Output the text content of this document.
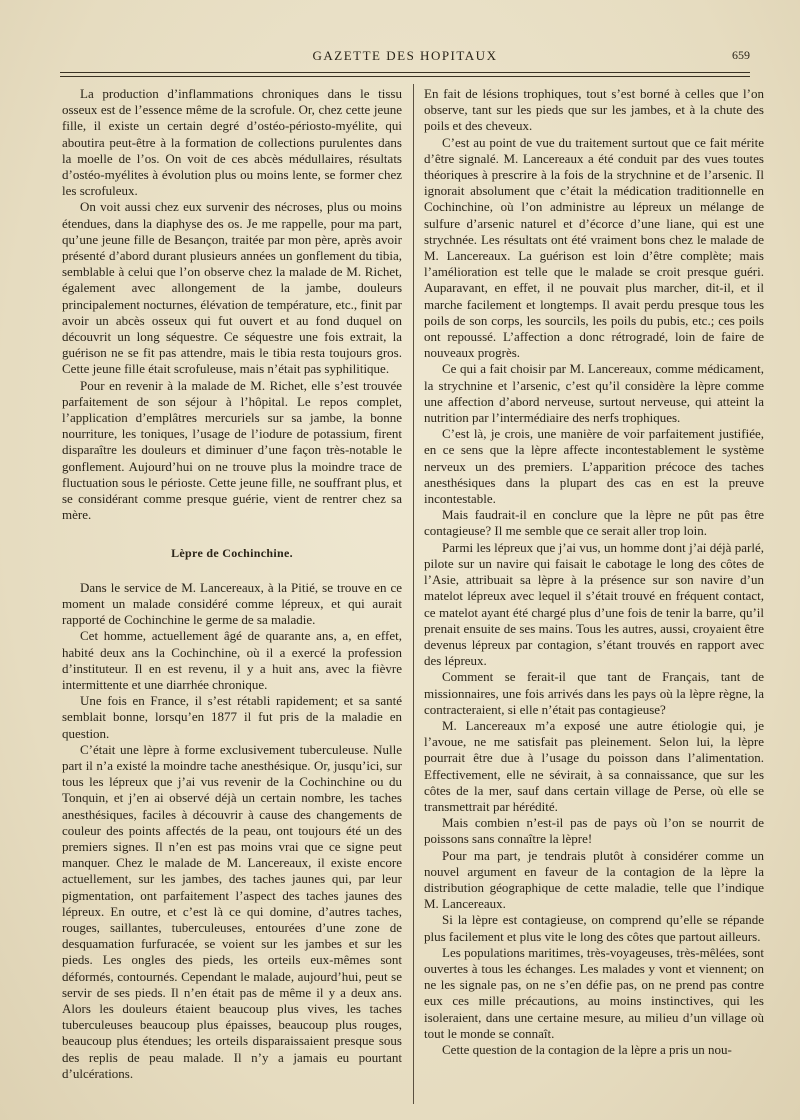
GAZETTE DES HOPITAUX	659

La production d’inflammations chroniques dans le tissu osseux est de l’essence même de la scrofule. Or, chez cette jeune fille, il existe un certain degré d’ostéo-périosto-myélite, qui aboutira peut-être à la formation de collections purulentes dans la moelle de l’os. On voit de ces abcès médullaires, résultats d’ostéo-myélites à évolution plus ou moins lente, se former chez les scrofuleux.

On voit aussi chez eux survenir des nécroses, plus ou moins étendues, dans la diaphyse des os. Je me rappelle, pour ma part, qu’une jeune fille de Besançon, traitée par mon père, après avoir présenté d’abord durant plusieurs années un gonflement du tibia, semblable à celui que l’on observe chez la malade de M. Richet, également avec allongement de la jambe, douleurs principalement nocturnes, élévation de température, etc., finit par avoir un abcès osseux qui fut ouvert et au fond duquel on découvrit un long séquestre. Ce séquestre une fois extrait, la guérison ne se fit pas attendre, mais le tibia resta toujours gros. Cette jeune fille était scrofuleuse, mais n’était pas syphilitique.

Pour en revenir à la malade de M. Richet, elle s’est trouvée parfaitement de son séjour à l’hôpital. Le repos complet, l’application d’emplâtres mercuriels sur sa jambe, la bonne nourriture, les toniques, l’usage de l’iodure de potassium, firent disparaître les douleurs et diminuer d’une façon très-notable le gonflement. Aujourd’hui on ne trouve plus la moindre trace de fluctuation sous le périoste. Cette jeune fille, ne souffrant plus, et se considérant comme presque guérie, vient de rentrer chez sa mère.

Lèpre de Cochinchine.

Dans le service de M. Lancereaux, à la Pitié, se trouve en ce moment un malade considéré comme lépreux, et qui aurait rapporté de Cochinchine le germe de sa maladie.

Cet homme, actuellement âgé de quarante ans, a, en effet, habité deux ans la Cochinchine, où il a exercé la profession d’instituteur. Il en est revenu, il y a huit ans, avec la fièvre intermittente et une diarrhée chronique.

Une fois en France, il s’est rétabli rapidement; et sa santé semblait bonne, lorsqu’en 1877 il fut pris de la maladie en question.

C’était une lèpre à forme exclusivement tuberculeuse. Nulle part il n’a existé la moindre tache anesthésique. Or, jusqu’ici, sur tous les lépreux que j’ai vus revenir de la Cochinchine ou du Tonquin, et j’en ai observé déjà un certain nombre, les taches anesthésiques, faciles à découvrir à cause des changements de couleur des points affectés de la peau, ont toujours été un des premiers signes. Il n’en est pas moins vrai que ce signe peut manquer. Chez le malade de M. Lancereaux, il existe encore actuellement, sur les jambes, des taches jaunes qui, par leur pigmentation, ont parfaitement l’aspect des taches jaunes des lépreux. En outre, et c’est là ce qui domine, d’autres taches, rouges, saillantes, tuberculeuses, entourées d’une zone de desquamation furfuracée, se voient sur les jambes et sur les pieds. Les ongles des pieds, les orteils eux-mêmes sont déformés, contournés. Cependant le malade, aujourd’hui, peut se servir de ses pieds. Il n’en était pas de même il y a deux ans. Alors les douleurs étaient beaucoup plus vives, les taches tuberculeuses beaucoup plus épaisses, beaucoup plus rouges, beaucoup plus étendues; les orteils disparaissaient presque sous des replis de peau malade. Il n’y a jamais eu pourtant d’ulcérations.

En fait de lésions trophiques, tout s’est borné à celles que l’on observe, tant sur les pieds que sur les jambes, et à la chute des poils et des cheveux.

C’est au point de vue du traitement surtout que ce fait mérite d’être signalé. M. Lancereaux a été conduit par des vues toutes théoriques à prescrire à la fois de la strychnine et de l’arsenic. Il ignorait absolument que c’était la médication traditionnelle en Cochinchine, où l’on administre au lépreux un mélange de sulfure d’arsenic naturel et d’écorce d’une liane, qui est une strychnée. Les résultats ont été vraiment bons chez le malade de M. Lancereaux. La guérison est loin d’être complète; mais l’amélioration est telle que le malade se croit presque guéri. Auparavant, en effet, il ne pouvait plus marcher, dit-il, et il marche facilement et longtemps. Il avait perdu presque tous les poils de son corps, les sourcils, les poils du pubis, etc.; ces poils ont repoussé. L’affection a donc rétrogradé, loin de faire de nouveaux progrès.

Ce qui a fait choisir par M. Lancereaux, comme médicament, la strychnine et l’arsenic, c’est qu’il considère la lèpre comme une affection d’abord nerveuse, surtout nerveuse, qui atteint la nutrition par l’intermédiaire des nerfs trophiques.

C’est là, je crois, une manière de voir parfaitement justifiée, en ce sens que la lèpre affecte incontestablement le système nerveux un des premiers. L’apparition précoce des taches anesthésiques dans la plupart des cas en est la preuve incontestable.

Mais faudrait-il en conclure que la lèpre ne pût pas être contagieuse? Il me semble que ce serait aller trop loin.

Parmi les lépreux que j’ai vus, un homme dont j’ai déjà parlé, pilote sur un navire qui faisait le cabotage le long des côtes de l’Asie, attribuait sa lèpre à la présence sur son navire d’un matelot lépreux avec lequel il s’était trouvé en fréquent contact, ce matelot ayant été chargé plus d’une fois de tenir la barre, qu’il prenait ensuite de ses mains. Tous les autres, aussi, croyaient être devenus lépreux par contagion, s’étant trouvés en rapport avec des lépreux.

Comment se ferait-il que tant de Français, tant de missionnaires, une fois arrivés dans les pays où la lèpre règne, la contracteraient, si elle n’était pas contagieuse?

M. Lancereaux m’a exposé une autre étiologie qui, je l’avoue, ne me satisfait pas pleinement. Selon lui, la lèpre pourrait être due à l’usage du poisson dans l’alimentation. Effectivement, elle ne sévirait, à sa connaissance, que sur les côtes de la mer, sauf dans certain village de Perse, où elle se transmettrait par hérédité.

Mais combien n’est-il pas de pays où l’on se nourrit de poissons sans connaître la lèpre!

Pour ma part, je tendrais plutôt à considérer comme un nouvel argument en faveur de la contagion de la lèpre la distribution géographique de cette maladie, telle que l’indique M. Lancereaux.

Si la lèpre est contagieuse, on comprend qu’elle se répande plus facilement et plus vite le long des côtes que partout ailleurs.

Les populations maritimes, très-voyageuses, très-mêlées, sont ouvertes à tous les échanges. Les malades y vont et viennent; on ne les signale pas, on ne s’en défie pas, on ne prend pas contre eux ces mille précautions, au moins instinctives, qui les isoleraient, dans une certaine mesure, au milieu d’un village où tout le monde se connaît.

Cette question de la contagion de la lèpre a pris un nou-
